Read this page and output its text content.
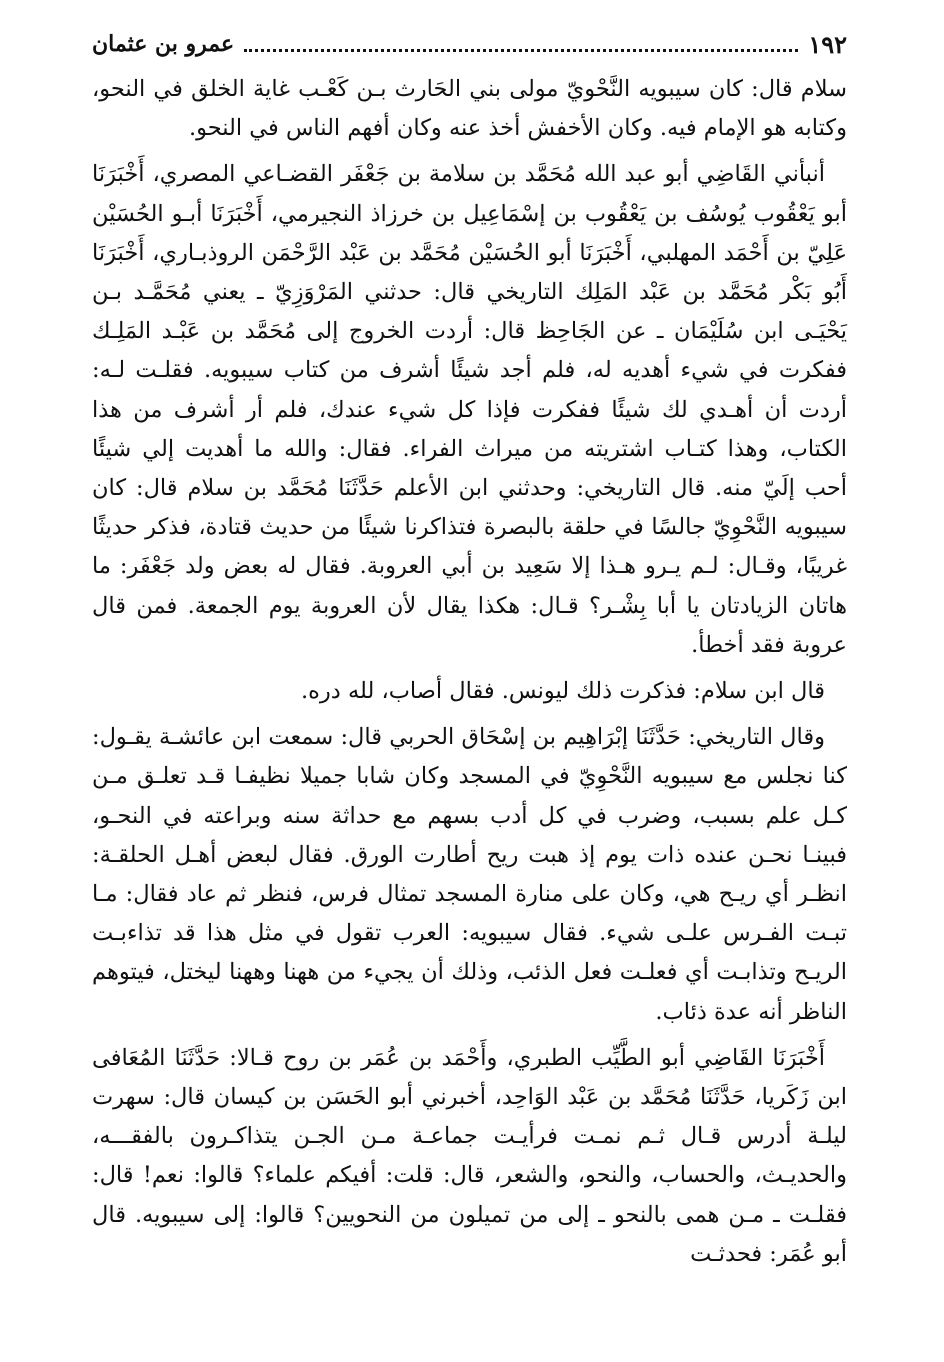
١٩٢
عمرو بن عثمان

سلام قال: كان سيبويه النَّحْويّ مولى بني الحَارث بـن كَعْـب غاية الخلق في النحو، وكتابه هو الإمام فيه. وكان الأخفش أخذ عنه وكان أفهم الناس في النحو.

أنبأني القَاضِي أبو عبد الله مُحَمَّد بن سلامة بن جَعْفَر القضـاعي المصري، أَخْبَرَنَا أبو يَعْقُوب يُوسُف بن يَعْقُوب بن إسْمَاعِيل بن خرزاذ النجيرمي، أَخْبَرَنَا أبـو الحُسَيْن عَلِيّ بن أَحْمَد المهلبي، أَخْبَرَنَا أبو الحُسَيْن مُحَمَّد بن عَبْد الرَّحْمَن الروذبـاري، أَخْبَرَنَا أَبُو بَكْر مُحَمَّد بن عَبْد المَلِك التاريخي قال: حدثني المَرْوَزِيّ ـ يعني مُحَمَّـد بـن يَحْيَـى ابن سُلَيْمَان ـ عن الجَاحِظ قال: أردت الخروج إلى مُحَمَّد بن عَبْـد المَلِـك ففكرت في شيء أهديه له، فلم أجد شيئًا أشرف من كتاب سيبويه. فقلـت لـه: أردت أن أهـدي لك شيئًا ففكرت فإذا كل شيء عندك، فلم أر أشرف من هذا الكتاب، وهذا كتـاب اشتريته من ميراث الفراء. فقال: والله ما أهديت إلي شيئًا أحب إلَيّ منه. قال التاريخي: وحدثني ابن الأعلم حَدَّثَنَا مُحَمَّد بن سلام قال: كان سيبويه النَّحْوِيّ جالسًا في حلقة بالبصرة فتذاكرنا شيئًا من حديث قتادة، فذكر حديثًا غريبًا، وقـال: لـم يـرو هـذا إلا سَعِيد بن أبي العروبة. فقال له بعض ولد جَعْفَر: ما هاتان الزيادتان يا أبا بِشْـر؟ قـال: هكذا يقال لأن العروبة يوم الجمعة. فمن قال عروبة فقد أخطأ.

قال ابن سلام: فذكرت ذلك ليونس. فقال أصاب، لله دره.

وقال التاريخي: حَدَّثَنَا إبْرَاهِيم بن إسْحَاق الحربي قال: سمعت ابن عائشـة يقـول: كنا نجلس مع سيبويه النَّحْوِيّ في المسجد وكان شابا جميلا نظيفـا قـد تعلـق مـن كـل علم بسبب، وضرب في كل أدب بسهم مع حداثة سنه وبراعته في النحـو، فبينـا نحـن عنده ذات يوم إذ هبت ريح أطارت الورق. فقال لبعض أهـل الحلقـة: انظـر أي ريـح هي، وكان على منارة المسجد تمثال فرس، فنظر ثم عاد فقال: مـا تبـت الفـرس علـى شيء. فقال سيبويه: العرب تقول في مثل هذا قد تذاءبـت الريـح وتذابـت أي فعلـت فعل الذئب، وذلك أن يجيء من ههنا وههنا ليختل، فيتوهم الناظر أنه عدة ذئاب.

أَخْبَرَنَا القَاضِي أبو الطَّيِّب الطبري، وأَحْمَد بن عُمَر بن روح قـالا: حَدَّثَنَا المُعَافى ابن زَكَريا، حَدَّثَنَا مُحَمَّد بن عَبْد الوَاحِد، أخبرني أبو الحَسَن بن كيسان قال: سهرت ليلـة أدرس قـال ثـم نمـت فرأيـت جماعـة مـن الجـن يتذاكـرون بالفقـــه، والحديـث، والحساب، والنحو، والشعر، قال: قلت: أفيكم علماء؟ قالوا: نعم! قال: فقلـت ـ مـن همى بالنحو ـ إلى من تميلون من النحويين؟ قالوا: إلى سيبويه. قال أبو عُمَر: فحدثـت
